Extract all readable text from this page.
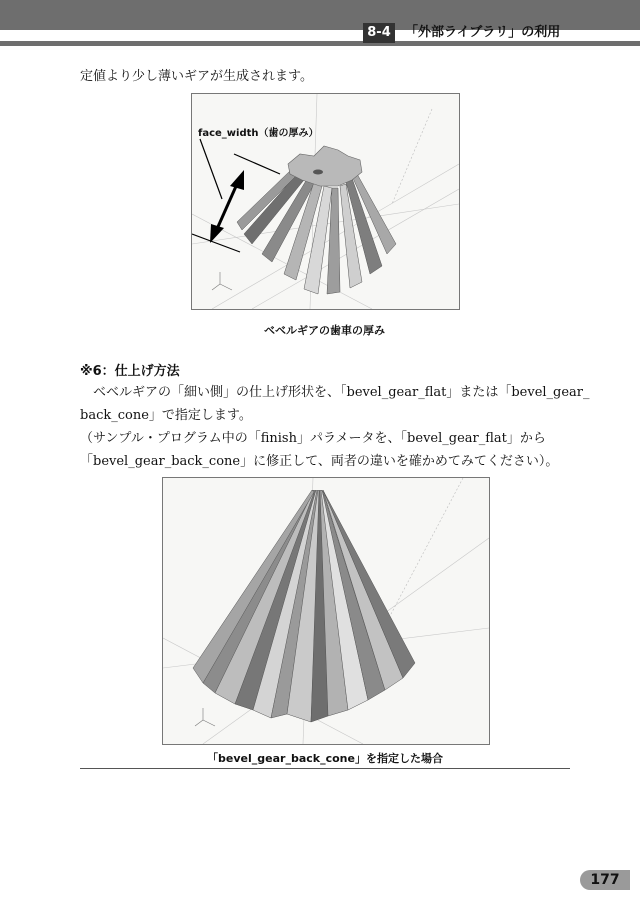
8-4	「外部ライブラリ」の利用
定値より少し薄いギアが生成されます。
face_width（歯の厚み）
ベベルギアの歯車の厚み
※6：仕上げ方法
ベベルギアの「細い側」の仕上げ形状を、「bevel_gear_flat」または「bevel_gear_
back_cone」で指定します。
（サンプル・プログラム中の「finish」パラメータを、「bevel_gear_flat」から
「bevel_gear_back_cone」に修正して、両者の違いを確かめてみてください）。
「bevel_gear_back_cone」を指定した場合
177
